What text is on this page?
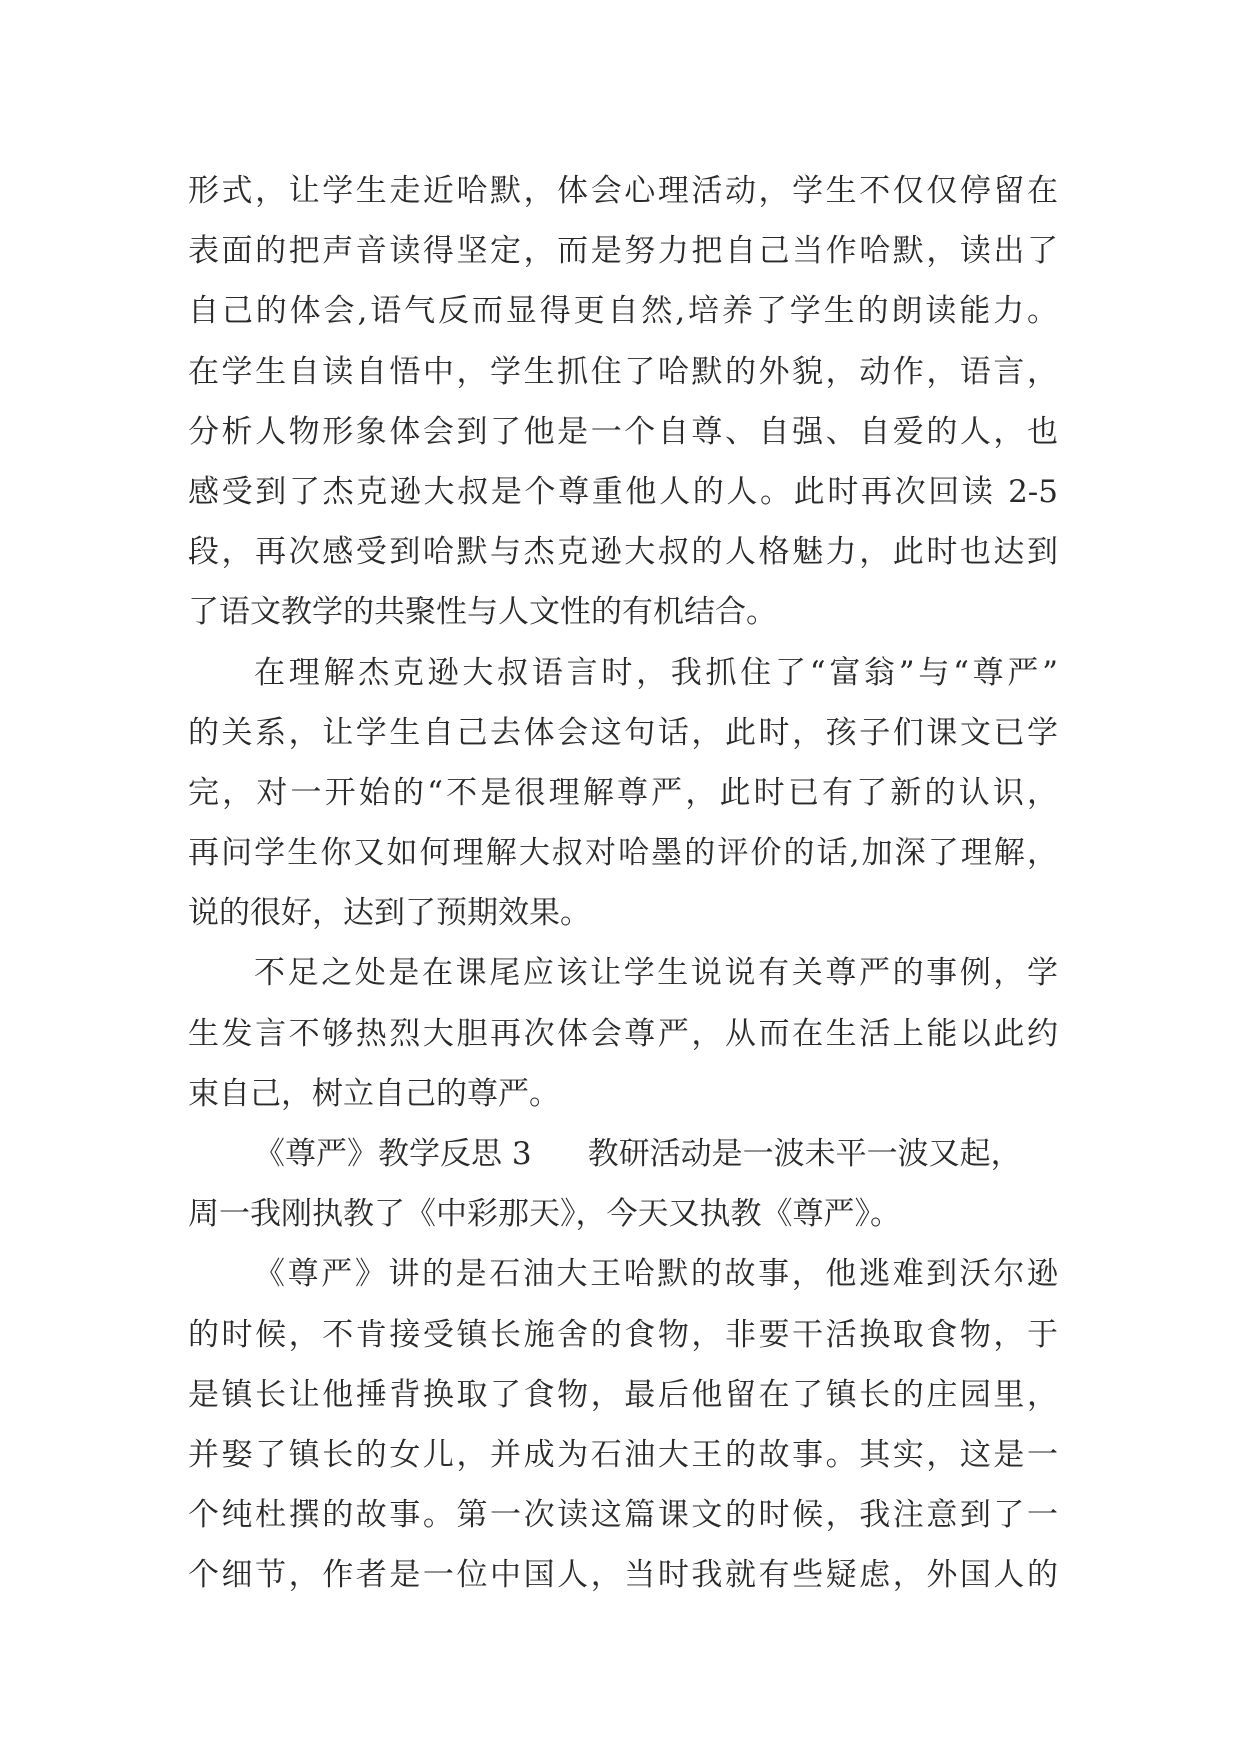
形式，让学生走近哈默，体会心理活动，学生不仅仅停留在
表面的把声音读得坚定，而是努力把自己当作哈默，读出了
自己的体会,语气反而显得更自然,培养了学生的朗读能力。
在学生自读自悟中，学生抓住了哈默的外貌，动作，语言，
分析人物形象体会到了他是一个自尊、自强、自爱的人，也
感受到了杰克逊大叔是个尊重他人的人。此时再次回读 2-5
段，再次感受到哈默与杰克逊大叔的人格魅力，此时也达到
了语文教学的共聚性与人文性的有机结合。
在理解杰克逊大叔语言时，我抓住了“富翁”与“尊严”
的关系，让学生自己去体会这句话，此时，孩子们课文已学
完，对一开始的“不是很理解尊严，此时已有了新的认识，
再问学生你又如何理解大叔对哈墨的评价的话,加深了理解，
说的很好，达到了预期效果。
不足之处是在课尾应该让学生说说有关尊严的事例，学
生发言不够热烈大胆再次体会尊严，从而在生活上能以此约
束自己，树立自己的尊严。
《尊严》教学反思 3 教研活动是一波未平一波又起，
周一我刚执教了《中彩那天》，今天又执教《尊严》。
《尊严》讲的是石油大王哈默的故事，他逃难到沃尔逊
的时候，不肯接受镇长施舍的食物，非要干活换取食物，于
是镇长让他捶背换取了食物，最后他留在了镇长的庄园里，
并娶了镇长的女儿，并成为石油大王的故事。其实，这是一
个纯杜撰的故事。第一次读这篇课文的时候，我注意到了一
个细节，作者是一位中国人，当时我就有些疑虑，外国人的
